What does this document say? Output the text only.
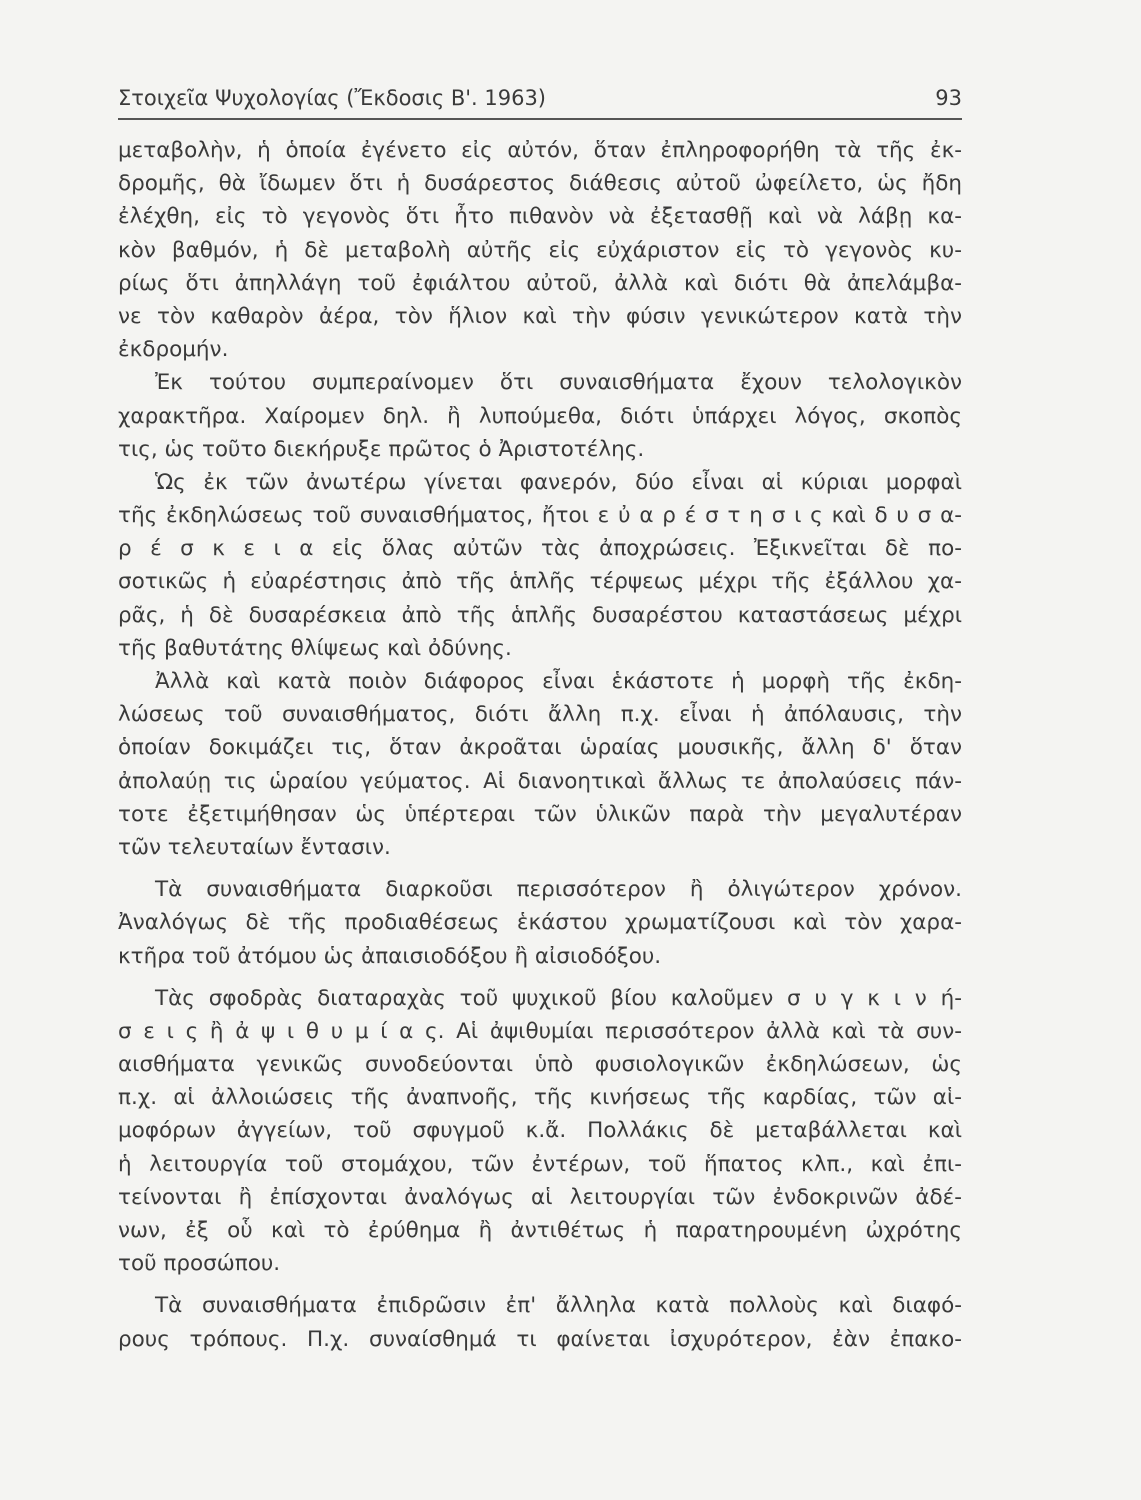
Στοιχεῖα Ψυχολογίας (Ἔκδοσις Β'. 1963)	93
μεταβολὴν, ἡ ὁποία ἐγένετο εἰς αὐτόν, ὅταν ἐπληροφορήθη τὰ τῆς ἐκ-
δρομῆς, θὰ ἴδωμεν ὅτι ἡ δυσάρεστος διάθεσις αὐτοῦ ὠφείλετο, ὡς ἤδη
ἐλέχθη, εἰς τὸ γεγονὸς ὅτι ἦτο πιθανὸν νὰ ἐξετασθῇ καὶ νὰ λάβῃ κα-
κὸν βαθμόν, ἡ δὲ μεταβολὴ αὐτῆς εἰς εὐχάριστον εἰς τὸ γεγονὸς κυ-
ρίως ὅτι ἀπηλλάγη τοῦ ἐφιάλτου αὐτοῦ, ἀλλὰ καὶ διότι θὰ ἀπελάμβα-
νε τὸν καθαρὸν ἀέρα, τὸν ἥλιον καὶ τὴν φύσιν γενικώτερον κατὰ τὴν
ἐκδρομήν.
Ἐκ τούτου συμπεραίνομεν ὅτι συναισθήματα ἔχουν τελολογικὸν
χαρακτῆρα. Χαίρομεν δηλ. ἢ λυπούμεθα, διότι ὑπάρχει λόγος, σκοπὸς
τις, ὡς τοῦτο διεκήρυξε πρῶτος ὁ Ἀριστοτέλης.
Ὡς ἐκ τῶν ἀνωτέρω γίνεται φανερόν, δύο εἶναι αἱ κύριαι μορφαὶ
τῆς ἐκδηλώσεως τοῦ συναισθήματος, ἤτοι ε ὐ α ρ έ σ τ η σ ι ς καὶ δ υ σ α-
ρ έ σ κ ε ι α εἰς ὅλας αὐτῶν τὰς ἀποχρώσεις. Ἐξικνεῖται δὲ πο-
σοτικῶς ἡ εὐαρέστησις ἀπὸ τῆς ἁπλῆς τέρψεως μέχρι τῆς ἐξάλλου χα-
ρᾶς, ἡ δὲ δυσαρέσκεια ἀπὸ τῆς ἁπλῆς δυσαρέστου καταστάσεως μέχρι
τῆς βαθυτάτης θλίψεως καὶ ὀδύνης.
Ἀλλὰ καὶ κατὰ ποιὸν διάφορος εἶναι ἑκάστοτε ἡ μορφὴ τῆς ἐκδη-
λώσεως τοῦ συναισθήματος, διότι ἄλλη π.χ. εἶναι ἡ ἀπόλαυσις, τὴν
ὁποίαν δοκιμάζει τις, ὅταν ἀκροᾶται ὡραίας μουσικῆς, ἄλλη δ' ὅταν
ἀπολαύῃ τις ὡραίου γεύματος. Αἱ διανοητικαὶ ἄλλως τε ἀπολαύσεις πάν-
τοτε ἐξετιμήθησαν ὡς ὑπέρτεραι τῶν ὑλικῶν παρὰ τὴν μεγαλυτέραν
τῶν τελευταίων ἔντασιν.
Τὰ συναισθήματα διαρκοῦσι περισσότερον ἢ ὀλιγώτερον χρόνον.
Ἀναλόγως δὲ τῆς προδιαθέσεως ἑκάστου χρωματίζουσι καὶ τὸν χαρα-
κτῆρα τοῦ ἀτόμου ὡς ἀπαισιοδόξου ἢ αἰσιοδόξου.
Τὰς σφοδρὰς διαταραχὰς τοῦ ψυχικοῦ βίου καλοῦμεν σ υ γ κ ι ν ή-
σ ε ι ς ἢ ἀ ψ ι θ υ μ ί α ς. Αἱ ἀψιθυμίαι περισσότερον ἀλλὰ καὶ τὰ συν-
αισθήματα γενικῶς συνοδεύονται ὑπὸ φυσιολογικῶν ἐκδηλώσεων, ὡς
π.χ. αἱ ἀλλοιώσεις τῆς ἀναπνοῆς, τῆς κινήσεως τῆς καρδίας, τῶν αἱ-
μοφόρων ἀγγείων, τοῦ σφυγμοῦ κ.ἄ. Πολλάκις δὲ μεταβάλλεται καὶ
ἡ λειτουργία τοῦ στομάχου, τῶν ἐντέρων, τοῦ ἥπατος κλπ., καὶ ἐπι-
τείνονται ἢ ἐπίσχονται ἀναλόγως αἱ λειτουργίαι τῶν ἐνδοκρινῶν ἀδέ-
νων, ἐξ οὗ καὶ τὸ ἐρύθημα ἢ ἀντιθέτως ἡ παρατηρουμένη ὠχρότης
τοῦ προσώπου.
Τὰ συναισθήματα ἐπιδρῶσιν ἐπ' ἄλληλα κατὰ πολλοὺς καὶ διαφό-
ρους τρόπους. Π.χ. συναίσθημά τι φαίνεται ἰσχυρότερον, ἐὰν ἐπακο-
